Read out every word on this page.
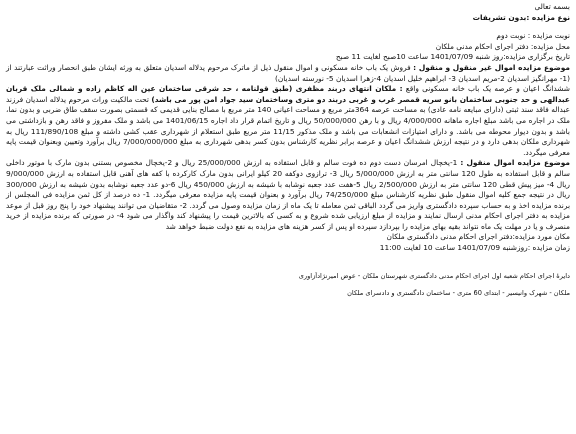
بسمه تعالی
نوع مزایده :بدون تشریفات
نوبت مزایده : نوبت دوم
محل مزایده: دفتر اجرای احکام مدنی ملکان
تاریخ برگزاری مزایده:روز شنبه 1401/07/09 ساعت 10صبح لغایت 11 صبح
موضوع مزایده اموال غیر منقول و منقول : فروش یک باب خانه مسکونی و اموال منقول ذیل از ماترک مرحوم یدلاله اسدیان متعلق به ورثه ایشان طبق انحصار وراثت عبارتند از (1- مهرانگیز اسدیان 2-مریم اسدیان 3- ابراهیم خلیل اسدیان 4-زهرا اسدیان 5- نورسته اسدیان)
ششدانگ اعیان و عرصه یک باب خانه مسکونی واقع : ملکان انتهای دربند مظفری (طبق قولنامه ، حد شرقی ساختمان عین اله کاظم زاده و شمالی ملک قربان عبدالهی و حد جنوبی ساختمان بانو سریه قمصر غرب و غربی دربند دو متری وساختمان سید جواد امن پور می باشد) تحت مالکیت وراث مرحوم یدلاله اسدیان فرزند عبداله فاقد سند ثبتی (دارای مبایعه نامه عادی) به مساحت عرصه 364متر مربع و مساحت اعیانی 140 متر مربع با مصالح بنایی قدیمی که قسمتی بصورت سقف طاق ضربی و بدون نما، ملک در اجاره می باشد مبلغ اجاره ماهانه 4/000/000 ریال و با رهن 50/000/000 ریال و تاریخ اتمام قرار داد اجاره 1401/06/15 می باشد و ملک مفروز و فاقد رهن و بازداشتی می باشد و بدون دیوار محوطه می باشد. و دارای امتیازات انشعابات می باشد و ملک مذکور 11/15 متر مربع طبق استعلام از شهرداری عقب کشی داشته و مبلغ 111/890/108 ریال به شهرداری ملکان بدهی دارد و در نتیجه ارزش ششدانگ اعیان و عرصه برابر نظریه کارشناس بدون کسر بدهی شهرداری به مبلغ 7/000/000/000 ریال برآورد وتعیین وبعنوان قیمت پایه معرفی میگردد.
موضوع مزایده اموال منقول : 1-یخچال امرسان دست دوم ده فوت سالم و قابل استفاده به ارزش 25/000/000 ریال و 2-یخچال مخصوص بستنی بدون مارک با موتور داخلی سالم و قابل استفاده به طول 120 سانتی متر به ارزش 5/000/000 ریال 3- ترازوی دوکفه 20 کیلو ایرانی بدون مارک کارکرده با کفه های آهنی قابل استفاده به ارزش 9/000/000 ریال 4- میز پیش قطی 120 سانتی متر به ارزش 2/500/000 ریال 5-هفت عدد جعبه نوشابه با شیشه به ارزش 450/000 ریال 6-دو عدد جعبه نوشابه بدون شیشه به ارزش 300/000 ریال در نتیجه جمع کلیه اموال منقول طبق نظریه کارشناس مبلغ 74/250/000 ریال برآورد و بعنوان قیمت پایه مزایده معرفی میگردد. 1- ده درصد از کل ثمن مزایده فی المجلس از برنده مزایده اخذ و به حساب سپرده دادگستری واریز می گردد الباقی ثمن معامله تا یک ماه از زمان مزایده وصول می گردد. 2- متقاضیان می توانند پیشنهاد خود را پنج روز قبل از موعد مزایده به دفتر اجرای احکام مدنی ارسال نمایند و مزایده از مبلغ ارزیابی شده شروع و به کسی که بالاترین قیمت را پیشنهاد کند واگذار می شود 4- در صورتی که برنده مزایده از خرید منصرف و یا در مهلت یک ماه نتواند بقیه بهای مزایده را بپردازد سپرده او پس از کسر هزینه های مزایده به نفع دولت ضبط خواهد شد
مکان مورد مزایده:دفتر اجرای احکام مدنی دادگستری ملکان
زمان مزایده :روزشنبه 1401/07/09 ساعت 10 لغایت 11:00
دایرۀ اجرای احکام شعبه اول اجرای احکام مدنی دادگستری شهرستان ملکان - عوض امیرنژادآزاوری
ملکان - شهرک وانیسیر - ابتدای 60 متری - ساختمان دادگستری و دادسرای ملکان
